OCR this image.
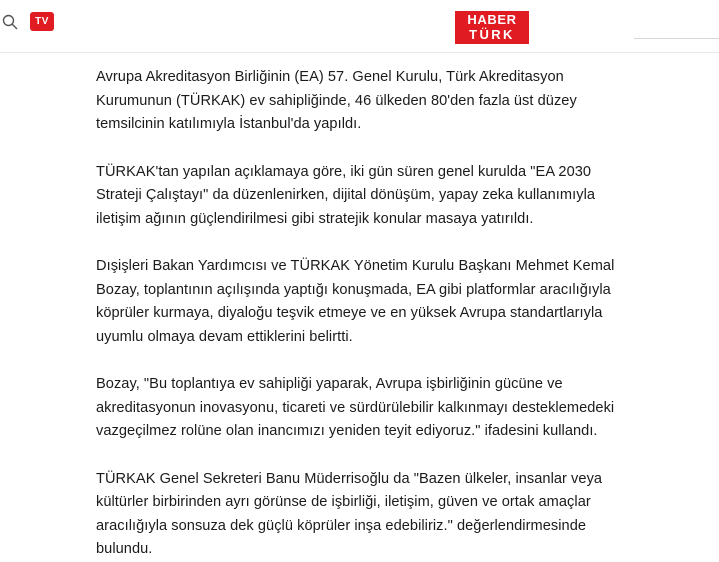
TV	HABER
TÜRK

Avrupa Akreditasyon Birliğinin (EA) 57. Genel Kurulu, Türk Akreditasyon Kurumunun (TÜRKAK) ev sahipliğinde, 46 ülkeden 80'den fazla üst düzey temsilcinin katılımıyla İstanbul'da yapıldı.

TÜRKAK'tan yapılan açıklamaya göre, iki gün süren genel kurulda "EA 2030 Strateji Çalıştayı" da düzenlenirken, dijital dönüşüm, yapay zeka kullanımıyla iletişim ağının güçlendirilmesi gibi stratejik konular masaya yatırıldı.

Dışişleri Bakan Yardımcısı ve TÜRKAK Yönetim Kurulu Başkanı Mehmet Kemal Bozay, toplantının açılışında yaptığı konuşmada, EA gibi platformlar aracılığıyla köprüler kurmaya, diyaloğu teşvik etmeye ve en yüksek Avrupa standartlarıyla uyumlu olmaya devam ettiklerini belirtti.

Bozay, "Bu toplantıya ev sahipliği yaparak, Avrupa işbirliğinin gücüne ve akreditasyonun inovasyonu, ticareti ve sürdürülebilir kalkınmayı desteklemedeki vazgeçilmez rolüne olan inancımızı yeniden teyit ediyoruz." ifadesini kullandı.

TÜRKAK Genel Sekreteri Banu Müderrisoğlu da "Bazen ülkeler, insanlar veya kültürler birbirinden ayrı görünse de işbirliği, iletişim, güven ve ortak amaçlar aracılığıyla sonsuza dek güçlü köprüler inşa edebiliriz." değerlendirmesinde bulundu.
